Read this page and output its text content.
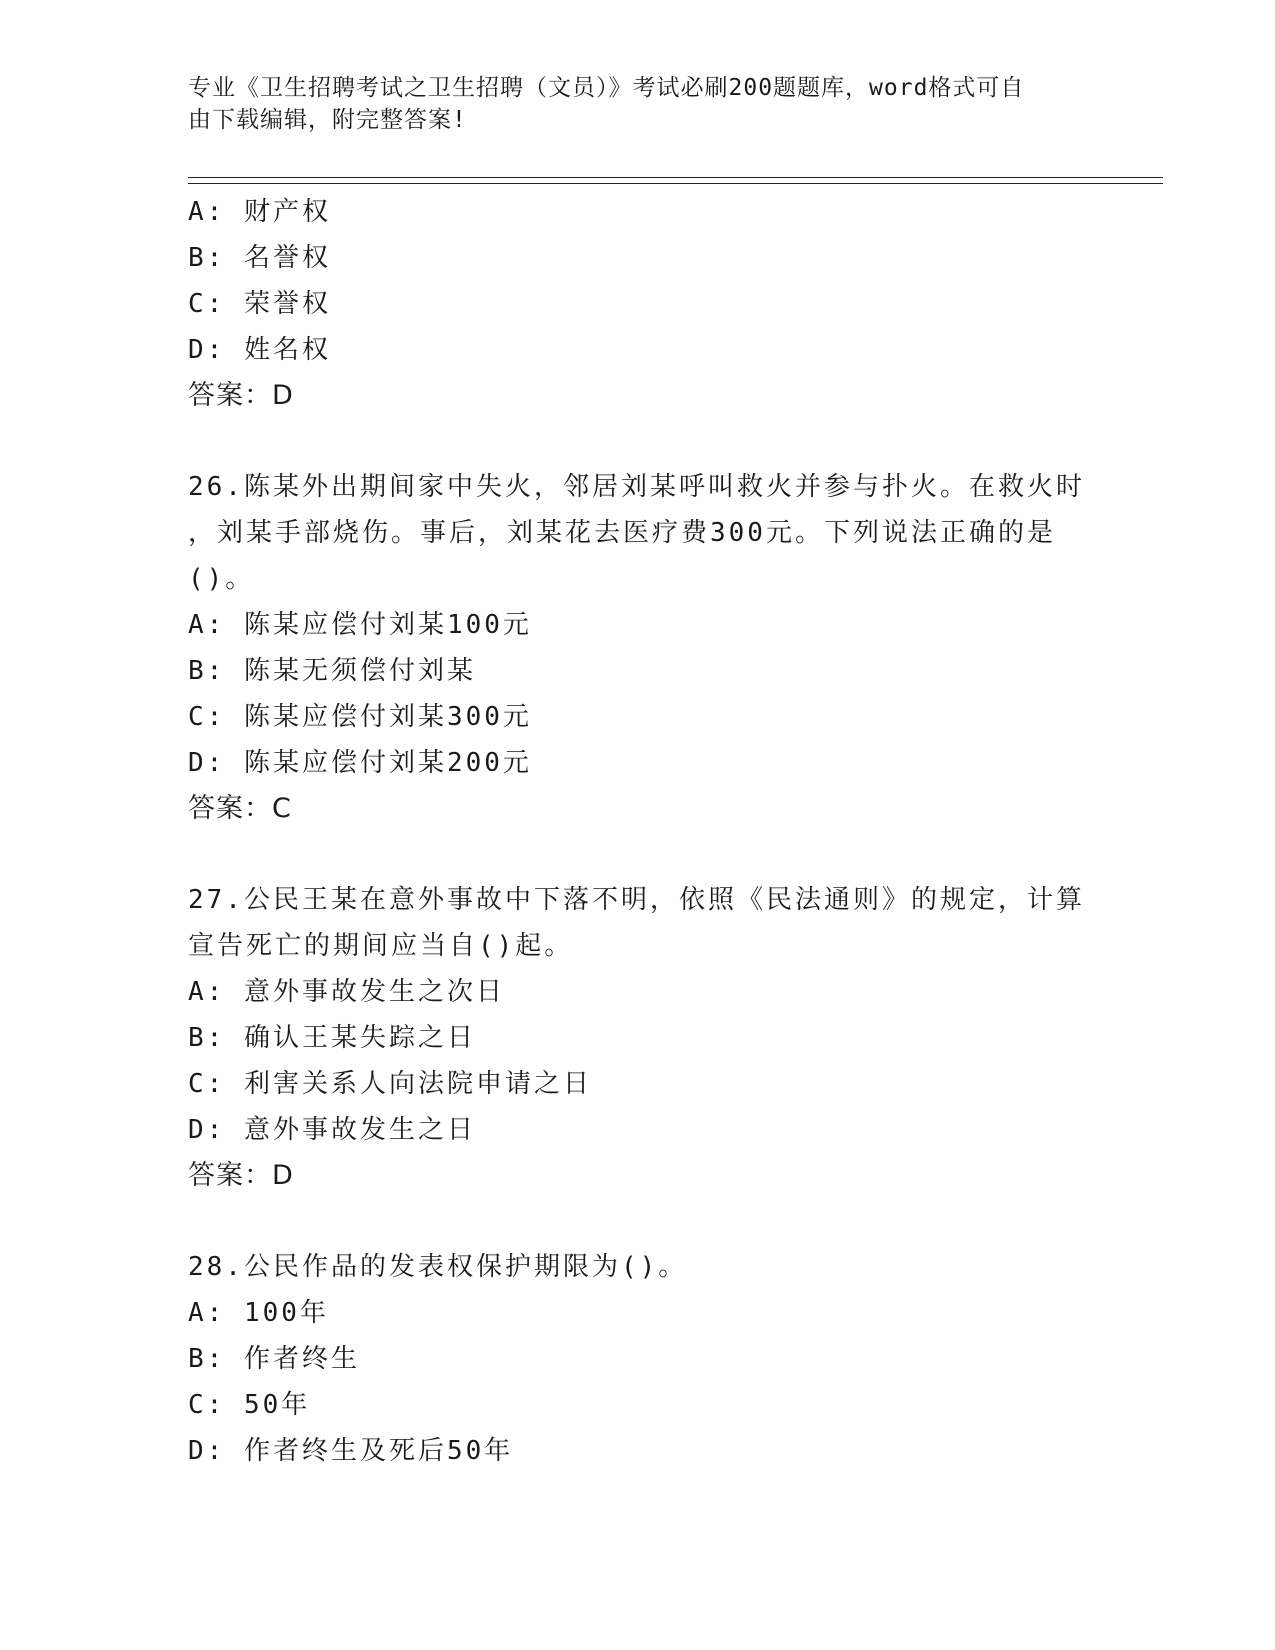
专业《卫生招聘考试之卫生招聘（文员）》考试必刷200题题库，word格式可自

由下载编辑，附完整答案!

A: 财产权
B: 名誉权
C: 荣誉权
D: 姓名权
答案：D
26.陈某外出期间家中失火，邻居刘某呼叫救火并参与扑火。在救火时
，刘某手部烧伤。事后，刘某花去医疗费300元。下列说法正确的是
()。
A: 陈某应偿付刘某100元
B: 陈某无须偿付刘某
C: 陈某应偿付刘某300元
D: 陈某应偿付刘某200元
答案：C
27.公民王某在意外事故中下落不明，依照《民法通则》的规定，计算
宣告死亡的期间应当自()起。
A: 意外事故发生之次日
B: 确认王某失踪之日
C: 利害关系人向法院申请之日
D: 意外事故发生之日
答案：D
28.公民作品的发表权保护期限为()。
A: 100年
B: 作者终生
C: 50年
D: 作者终生及死后50年
